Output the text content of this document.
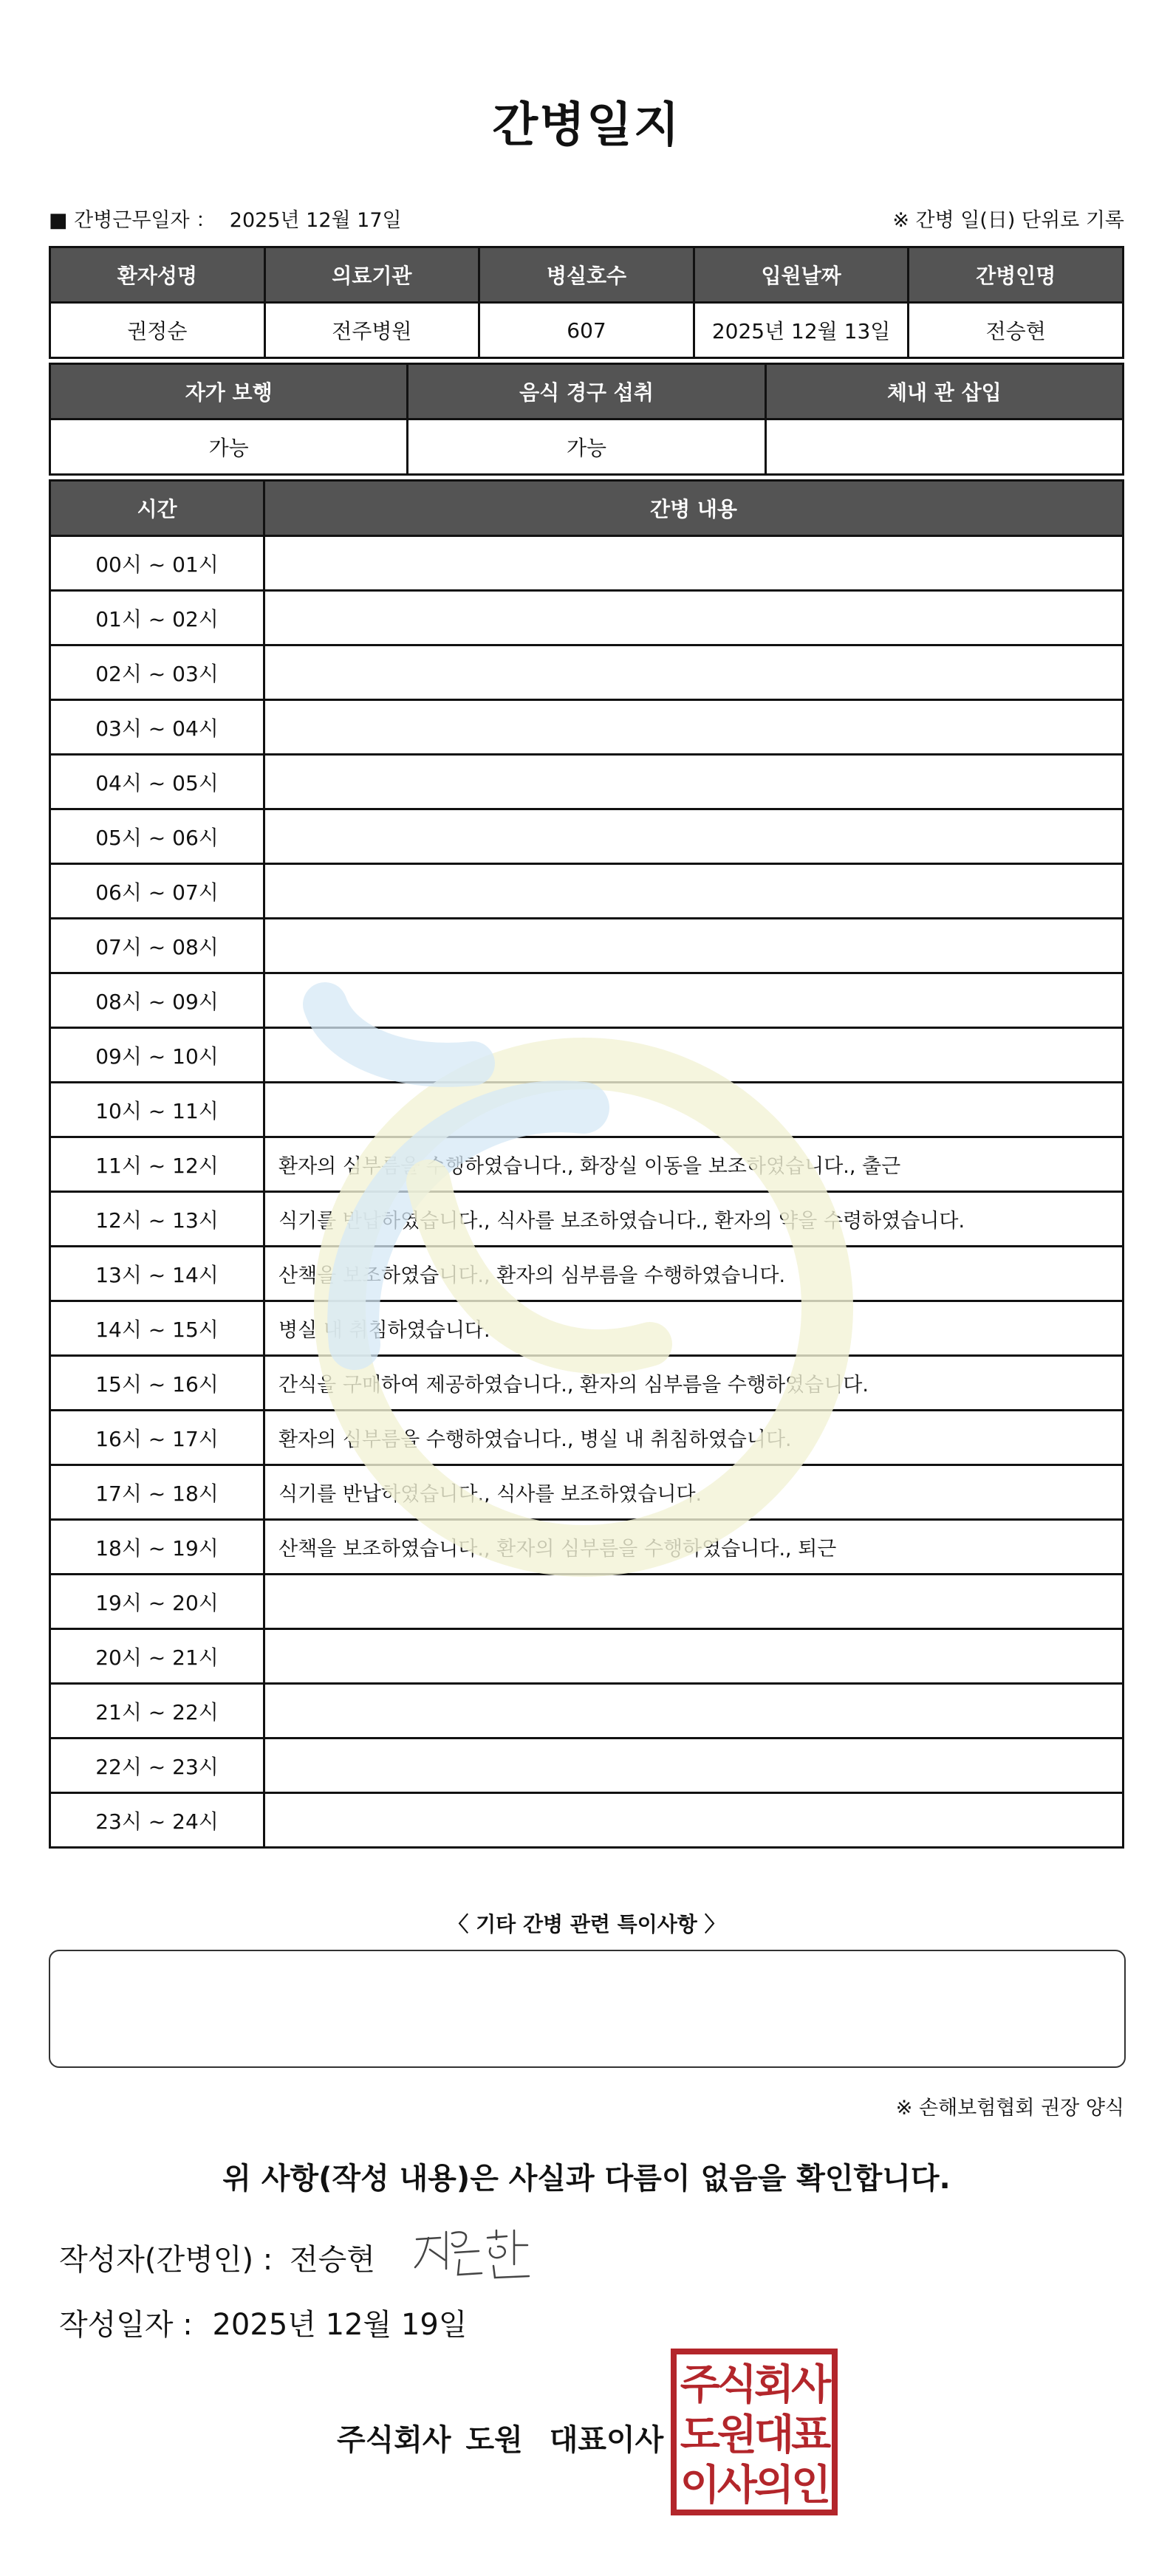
간병일지
■ 간병근무일자 ： 2025년 12월 17일	※ 간병 일(日) 단위로 기록
환자성명	의료기관	병실호수	입원날짜	간병인명
권정순	전주병원	607	2025년 12월 13일	전승현
자가 보행	음식 경구 섭취	체내 관 삽입
가능	가능	
시간	간병 내용
00시 ~ 01시	
01시 ~ 02시	
02시 ~ 03시	
03시 ~ 04시	
04시 ~ 05시	
05시 ~ 06시	
06시 ~ 07시	
07시 ~ 08시	
08시 ~ 09시	
09시 ~ 10시	
10시 ~ 11시	
11시 ~ 12시	환자의 심부름을 수행하였습니다., 화장실 이동을 보조하였습니다., 출근
12시 ~ 13시	식기를 반납하였습니다., 식사를 보조하였습니다., 환자의 약을 수령하였습니다.
13시 ~ 14시	산책을 보조하였습니다., 환자의 심부름을 수행하였습니다.
14시 ~ 15시	병실 내 취침하였습니다.
15시 ~ 16시	간식을 구매하여 제공하였습니다., 환자의 심부름을 수행하였습니다.
16시 ~ 17시	환자의 심부름을 수행하였습니다., 병실 내 취침하였습니다.
17시 ~ 18시	식기를 반납하였습니다., 식사를 보조하였습니다.
18시 ~ 19시	산책을 보조하였습니다., 환자의 심부름을 수행하였습니다., 퇴근
19시 ~ 20시	
20시 ~ 21시	
21시 ~ 22시	
22시 ~ 23시	
23시 ~ 24시	
〈 기타 간병 관련 특이사항 〉
※ 손해보험협회 권장 양식
위 사항(작성 내용)은 사실과 다름이 없음을 확인합니다.
작성자(간병인) : 전승현
작성일자 : 2025년 12월 19일
주식회사 도원 대표이사
주식회사
도원대표
이사의인
